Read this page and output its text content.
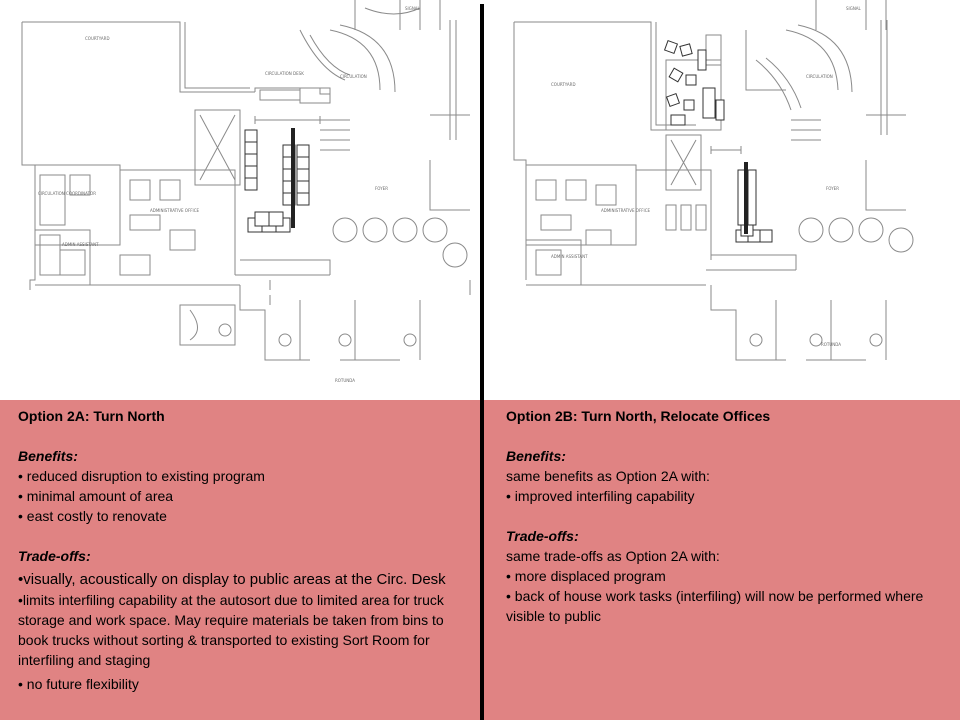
COURTYARD
CIRCULATION
CIRCULATION DESK
ADMINISTRATIVE OFFICE
CIRCULATION COORDINATOR
ADMIN ASSISTANT
FOYER
ROTUNDA
SIGNAL
COURTYARD
CIRCULATION
ADMINISTRATIVE OFFICE
ADMIN ASSISTANT
FOYER
ROTUNDA
SIGNAL
Option 2A: Turn North
Benefits:
• reduced disruption to existing program
• minimal amount of area
• east costly to renovate
Trade-offs:
•visually, acoustically on display to public areas at the Circ. Desk
•limits interfiling capability at the autosort due to limited area for truck storage and work space. May require materials be taken from bins to book trucks without sorting & transported to existing Sort Room for interfiling and staging
• no future flexibility
Option 2B: Turn North, Relocate Offices
Benefits:
same benefits as Option 2A with:
• improved interfiling capability
Trade-offs:
same trade-offs as Option 2A with:
• more displaced program
• back of house work tasks (interfiling) will now be performed where visible to public
